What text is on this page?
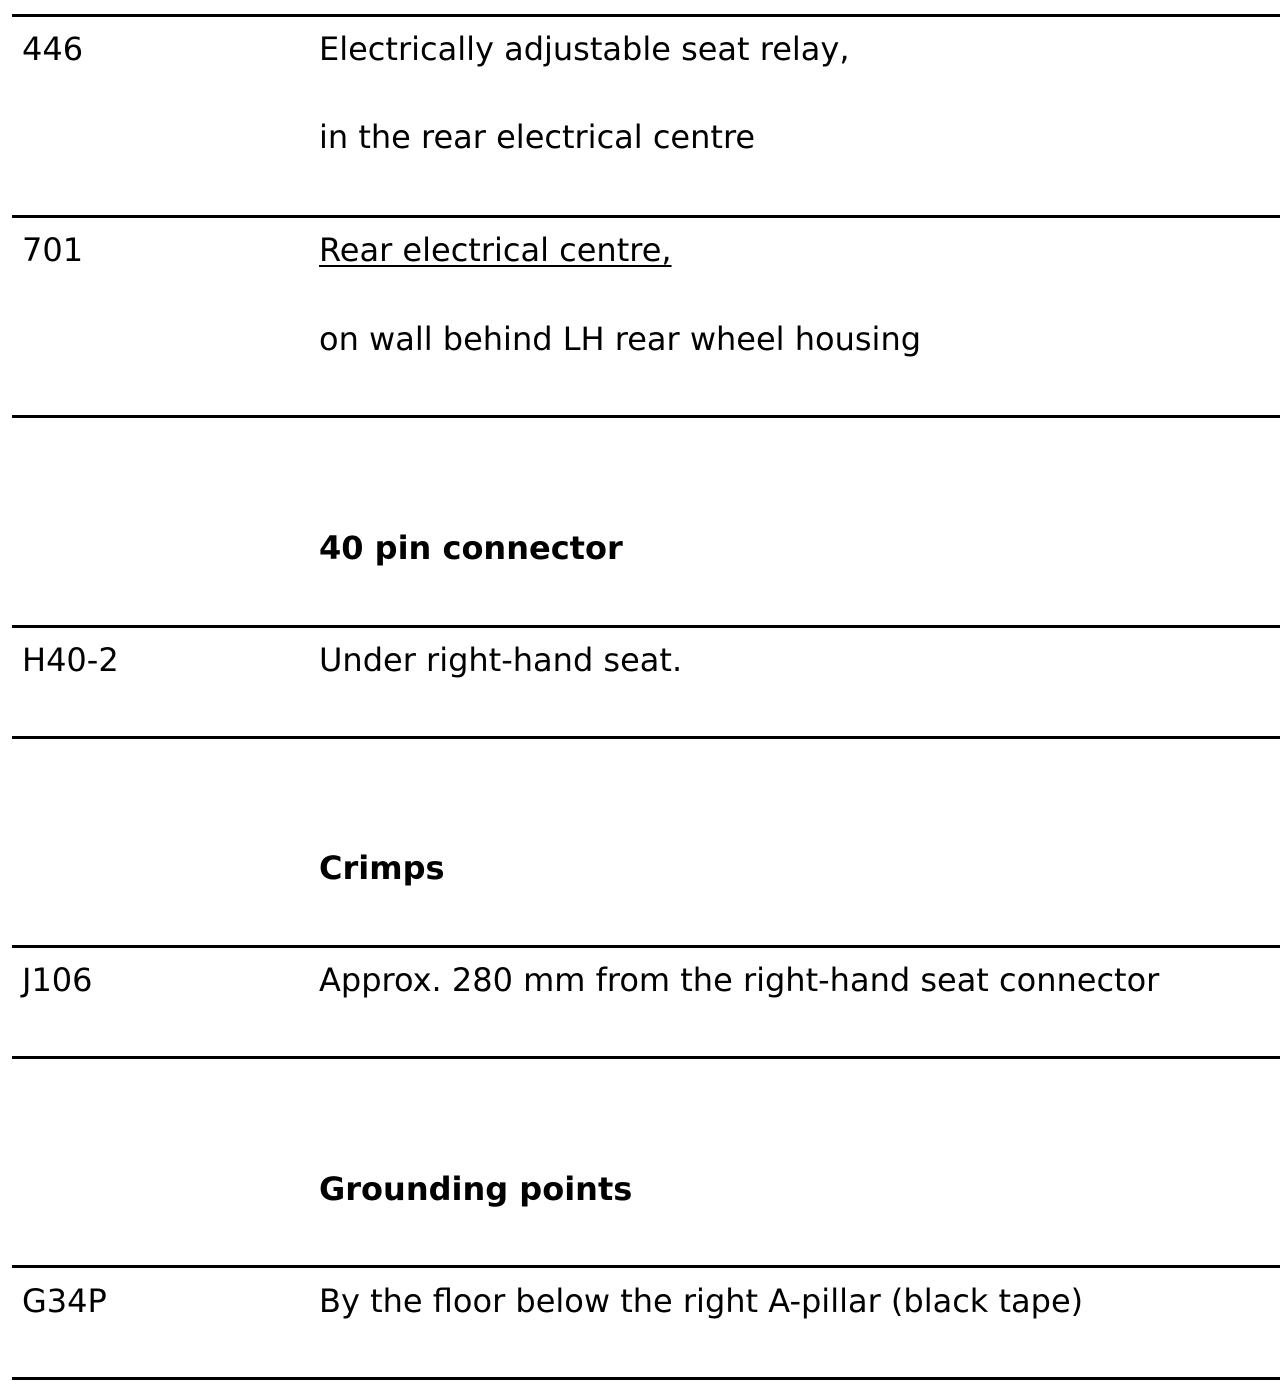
446	Electrically adjustable seat relay,
in the rear electrical centre
701	Rear electrical centre,
on wall behind LH rear wheel housing
40 pin connector
H40-2	Under right-hand seat.
Crimps
J106	Approx. 280 mm from the right-hand seat connector
Grounding points
G34P	By the floor below the right A-pillar (black tape)
